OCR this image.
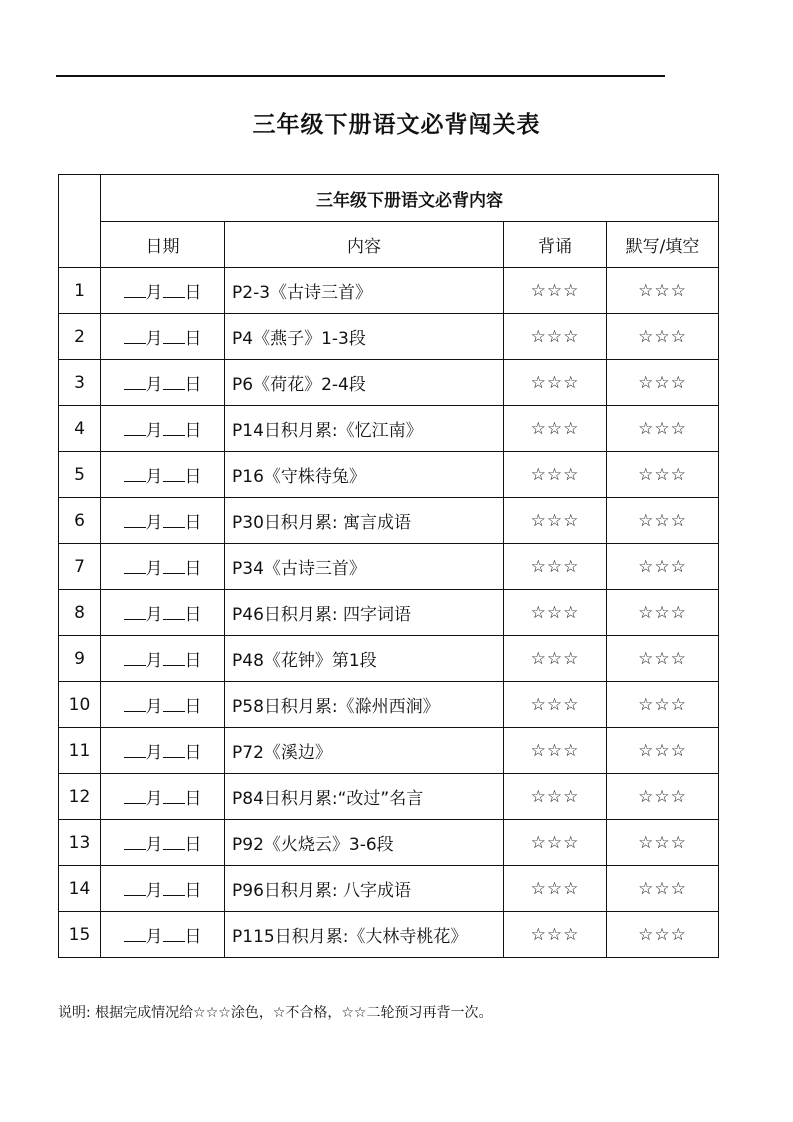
三年级下册语文必背闯关表
	三年级下册语文必背内容			
	日期	内容	背诵	默写/填空
1	月 日	P2-3《古诗三首》	☆☆☆	☆☆☆
2	月 日	P4《燕子》1-3段	☆☆☆	☆☆☆
3	月 日	P6《荷花》2-4段	☆☆☆	☆☆☆
4	月 日	P14日积月累:《忆江南》	☆☆☆	☆☆☆
5	月 日	P16《守株待兔》	☆☆☆	☆☆☆
6	月 日	P30日积月累: 寓言成语	☆☆☆	☆☆☆
7	月 日	P34《古诗三首》	☆☆☆	☆☆☆
8	月 日	P46日积月累: 四字词语	☆☆☆	☆☆☆
9	月 日	P48《花钟》第1段	☆☆☆	☆☆☆
10	月 日	P58日积月累:《滁州西涧》	☆☆☆	☆☆☆
11	月 日	P72《溪边》	☆☆☆	☆☆☆
12	月 日	P84日积月累:“改过”名言	☆☆☆	☆☆☆
13	月 日	P92《火烧云》3-6段	☆☆☆	☆☆☆
14	月 日	P96日积月累: 八字成语	☆☆☆	☆☆☆
15	月 日	P115日积月累:《大林寺桃花》	☆☆☆	☆☆☆
说明: 根据完成情况给☆☆☆涂色，☆不合格，☆☆二轮预习再背一次。
